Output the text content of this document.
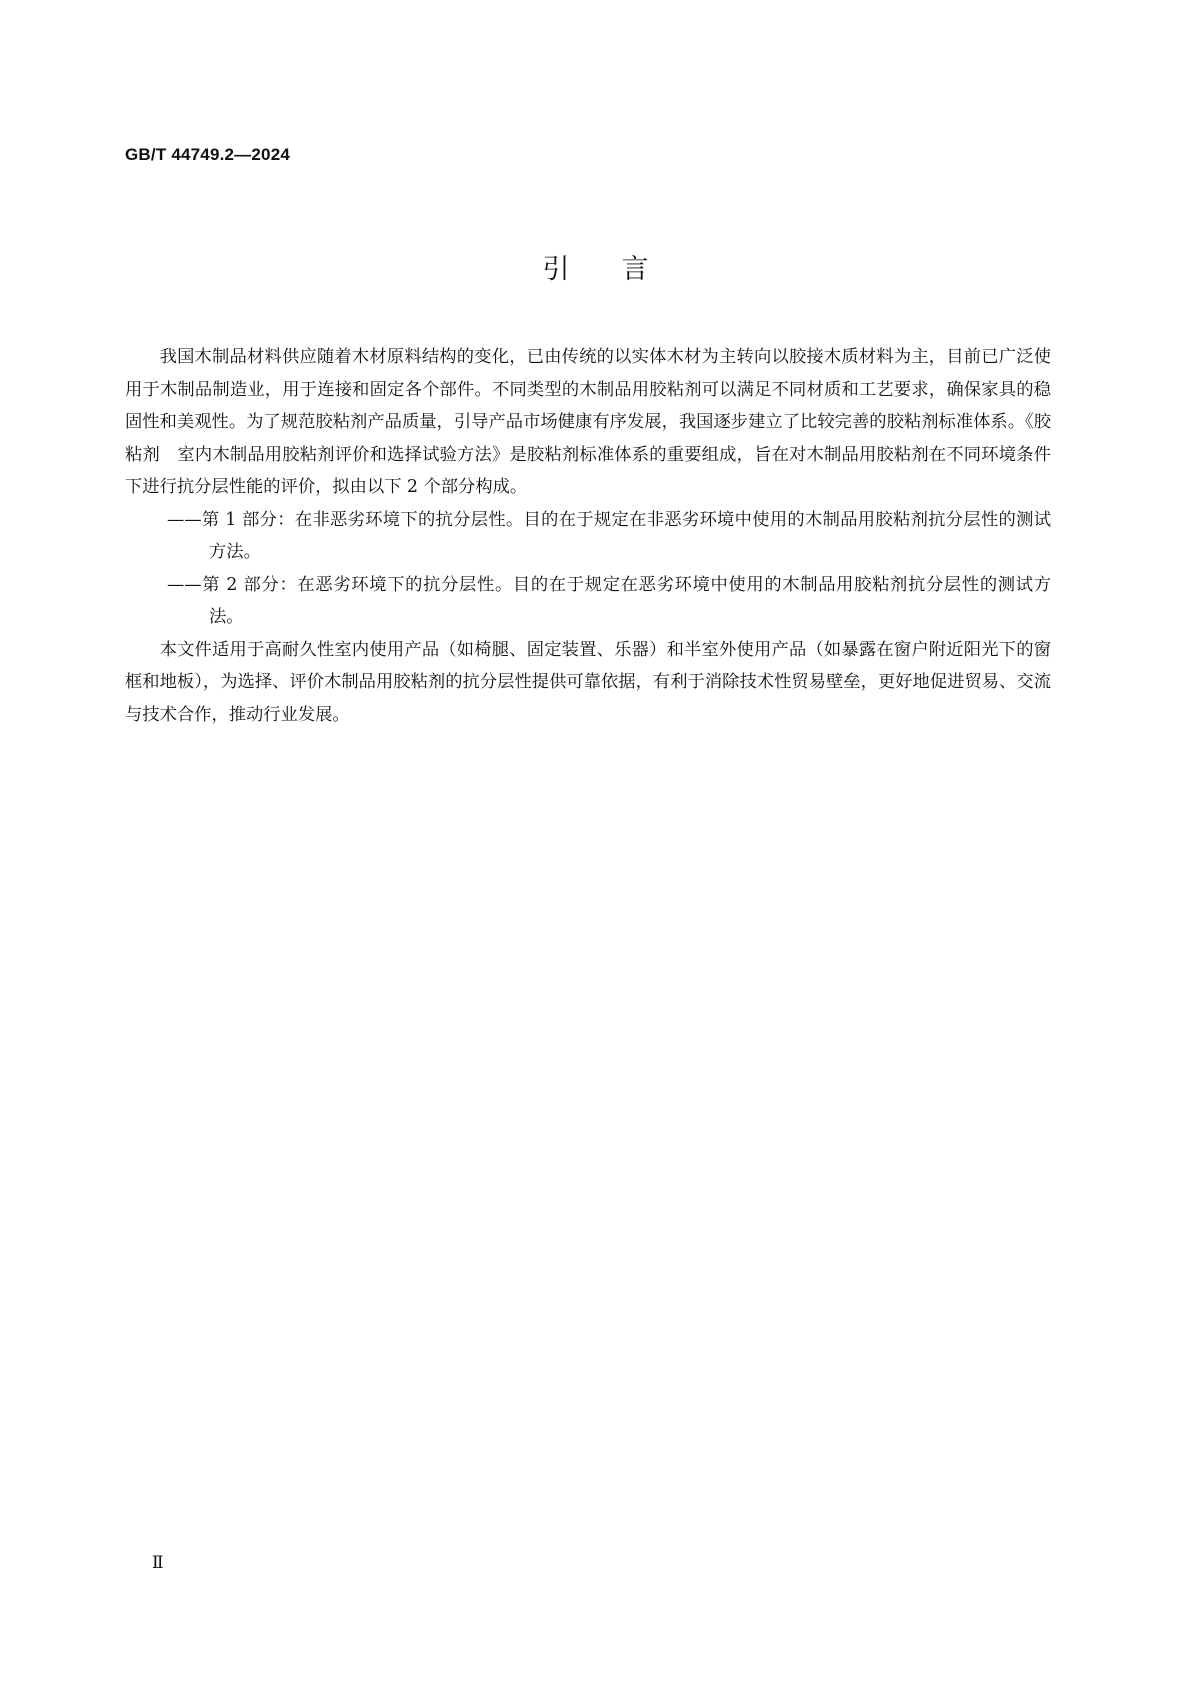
GB/T 44749.2—2024
引言

我国木制品材料供应随着木材原料结构的变化，已由传统的以实体木材为主转向以胶接木质材料为主，目前已广泛使用于木制品制造业，用于连接和固定各个部件。不同类型的木制品用胶粘剂可以满足不同材质和工艺要求，确保家具的稳固性和美观性。为了规范胶粘剂产品质量，引导产品市场健康有序发展，我国逐步建立了比较完善的胶粘剂标准体系。《胶粘剂　室内木制品用胶粘剂评价和选择试验方法》是胶粘剂标准体系的重要组成，旨在对木制品用胶粘剂在不同环境条件下进行抗分层性能的评价，拟由以下 2 个部分构成。

——第 1 部分：在非恶劣环境下的抗分层性。目的在于规定在非恶劣环境中使用的木制品用胶粘剂抗分层性的测试方法。

——第 2 部分：在恶劣环境下的抗分层性。目的在于规定在恶劣环境中使用的木制品用胶粘剂抗分层性的测试方法。

本文件适用于高耐久性室内使用产品（如椅腿、固定装置、乐器）和半室外使用产品（如暴露在窗户附近阳光下的窗框和地板），为选择、评价木制品用胶粘剂的抗分层性提供可靠依据，有利于消除技术性贸易壁垒，更好地促进贸易、交流与技术合作，推动行业发展。

Ⅱ
